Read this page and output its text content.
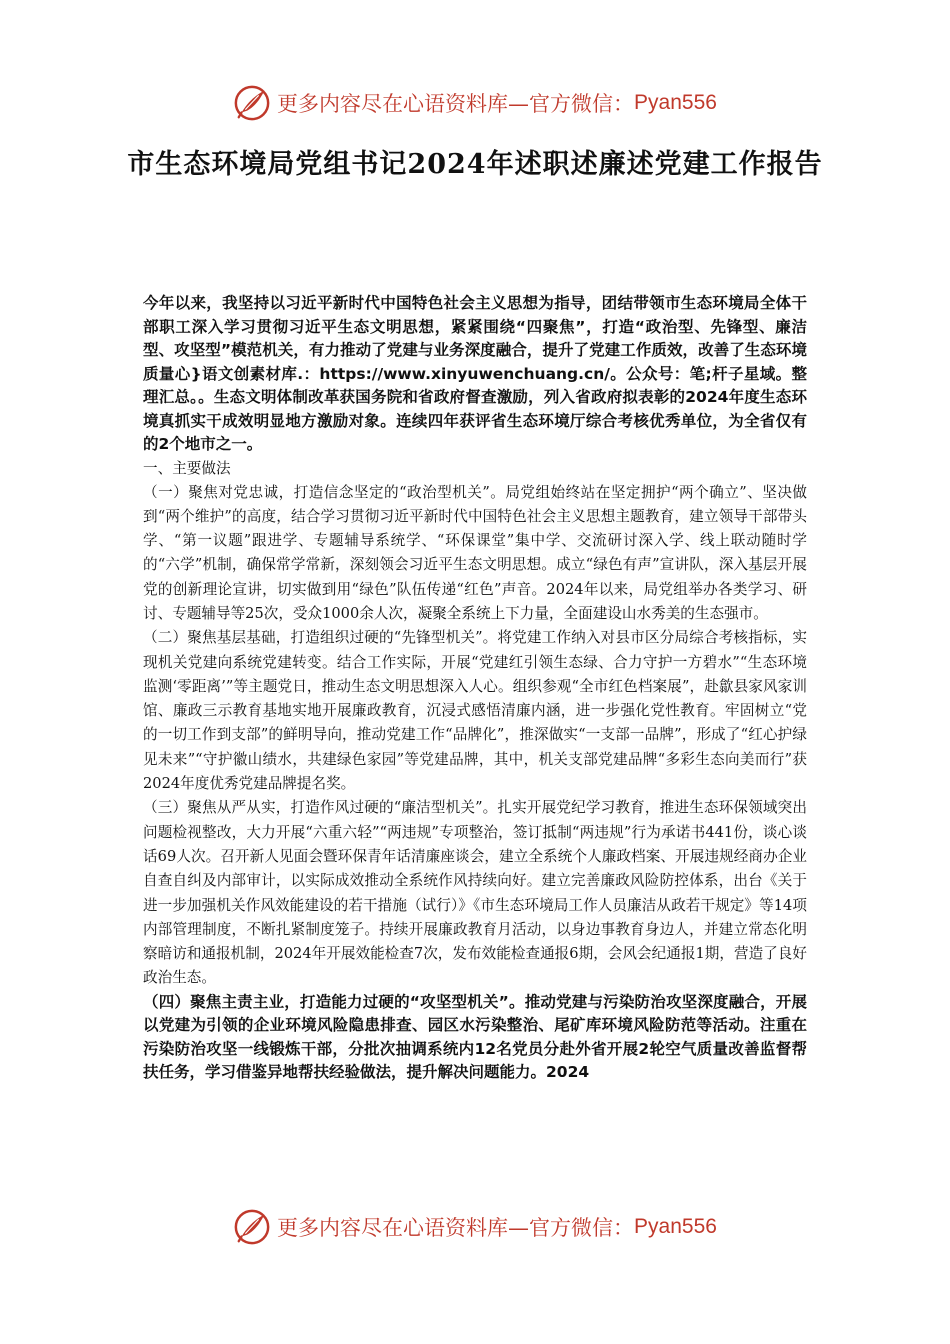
更多内容尽在心语资料库—官方微信： Pyan556
市生态环境局党组书记2024年述职述廉述党建工作报告

今年以来，我坚持以习近平新时代中国特色社会主义思想为指导，团结带领市生态环境局全体干部职工深入学习贯彻习近平生态文明思想，紧紧围绕“四聚焦”，打造“政治型、先锋型、廉洁型、攻坚型”模范机关，有力推动了党建与业务深度融合，提升了党建工作质效，改善了生态环境质量心}语文创素材库.：https://www.xinyuwenchuang.cn/。公众号：笔;杆子星域。整理汇总。。生态文明体制改革获国务院和省政府督查激励，列入省政府拟表彰的2024年度生态环境真抓实干成效明显地方激励对象。连续四年获评省生态环境厅综合考核优秀单位，为全省仅有的2个地市之一。

一、主要做法

（一）聚焦对党忠诚，打造信念坚定的“政治型机关”。局党组始终站在坚定拥护“两个确立”、坚决做到“两个维护”的高度，结合学习贯彻习近平新时代中国特色社会主义思想主题教育，建立领导干部带头学、“第一议题”跟进学、专题辅导系统学、“环保课堂”集中学、交流研讨深入学、线上联动随时学的“六学”机制，确保常学常新，深刻领会习近平生态文明思想。成立“绿色有声”宣讲队，深入基层开展党的创新理论宣讲，切实做到用“绿色”队伍传递“红色”声音。2024年以来，局党组举办各类学习、研讨、专题辅导等25次，受众1000余人次，凝聚全系统上下力量，全面建设山水秀美的生态强市。

（二）聚焦基层基础，打造组织过硬的“先锋型机关”。将党建工作纳入对县市区分局综合考核指标，实现机关党建向系统党建转变。结合工作实际，开展“党建红引领生态绿、合力守护一方碧水”“生态环境监测‘零距离’”等主题党日，推动生态文明思想深入人心。组织参观“全市红色档案展”，赴歙县家风家训馆、廉政三示教育基地实地开展廉政教育，沉浸式感悟清廉内涵，进一步强化党性教育。牢固树立“党的一切工作到支部”的鲜明导向，推动党建工作“品牌化”，推深做实“一支部一品牌”，形成了“红心护绿见未来”“守护徽山绩水，共建绿色家园”等党建品牌，其中，机关支部党建品牌“多彩生态向美而行”获2024年度优秀党建品牌提名奖。

（三）聚焦从严从实，打造作风过硬的“廉洁型机关”。扎实开展党纪学习教育，推进生态环保领域突出问题检视整改，大力开展“六重六轻”“两违规”专项整治，签订抵制“两违规”行为承诺书441份，谈心谈话69人次。召开新人见面会暨环保青年话清廉座谈会，建立全系统个人廉政档案、开展违规经商办企业自查自纠及内部审计，以实际成效推动全系统作风持续向好。建立完善廉政风险防控体系，出台《关于进一步加强机关作风效能建设的若干措施（试行）》《市生态环境局工作人员廉洁从政若干规定》等14项内部管理制度，不断扎紧制度笼子。持续开展廉政教育月活动，以身边事教育身边人，并建立常态化明察暗访和通报机制，2024年开展效能检查7次，发布效能检查通报6期，会风会纪通报1期，营造了良好政治生态。

（四）聚焦主责主业，打造能力过硬的“攻坚型机关”。推动党建与污染防治攻坚深度融合，开展以党建为引领的企业环境风险隐患排查、园区水污染整治、尾矿库环境风险防范等活动。注重在污染防治攻坚一线锻炼干部，分批次抽调系统内12名党员分赴外省开展2轮空气质量改善监督帮扶任务，学习借鉴异地帮扶经验做法，提升解决问题能力。2024

更多内容尽在心语资料库—官方微信： Pyan556
